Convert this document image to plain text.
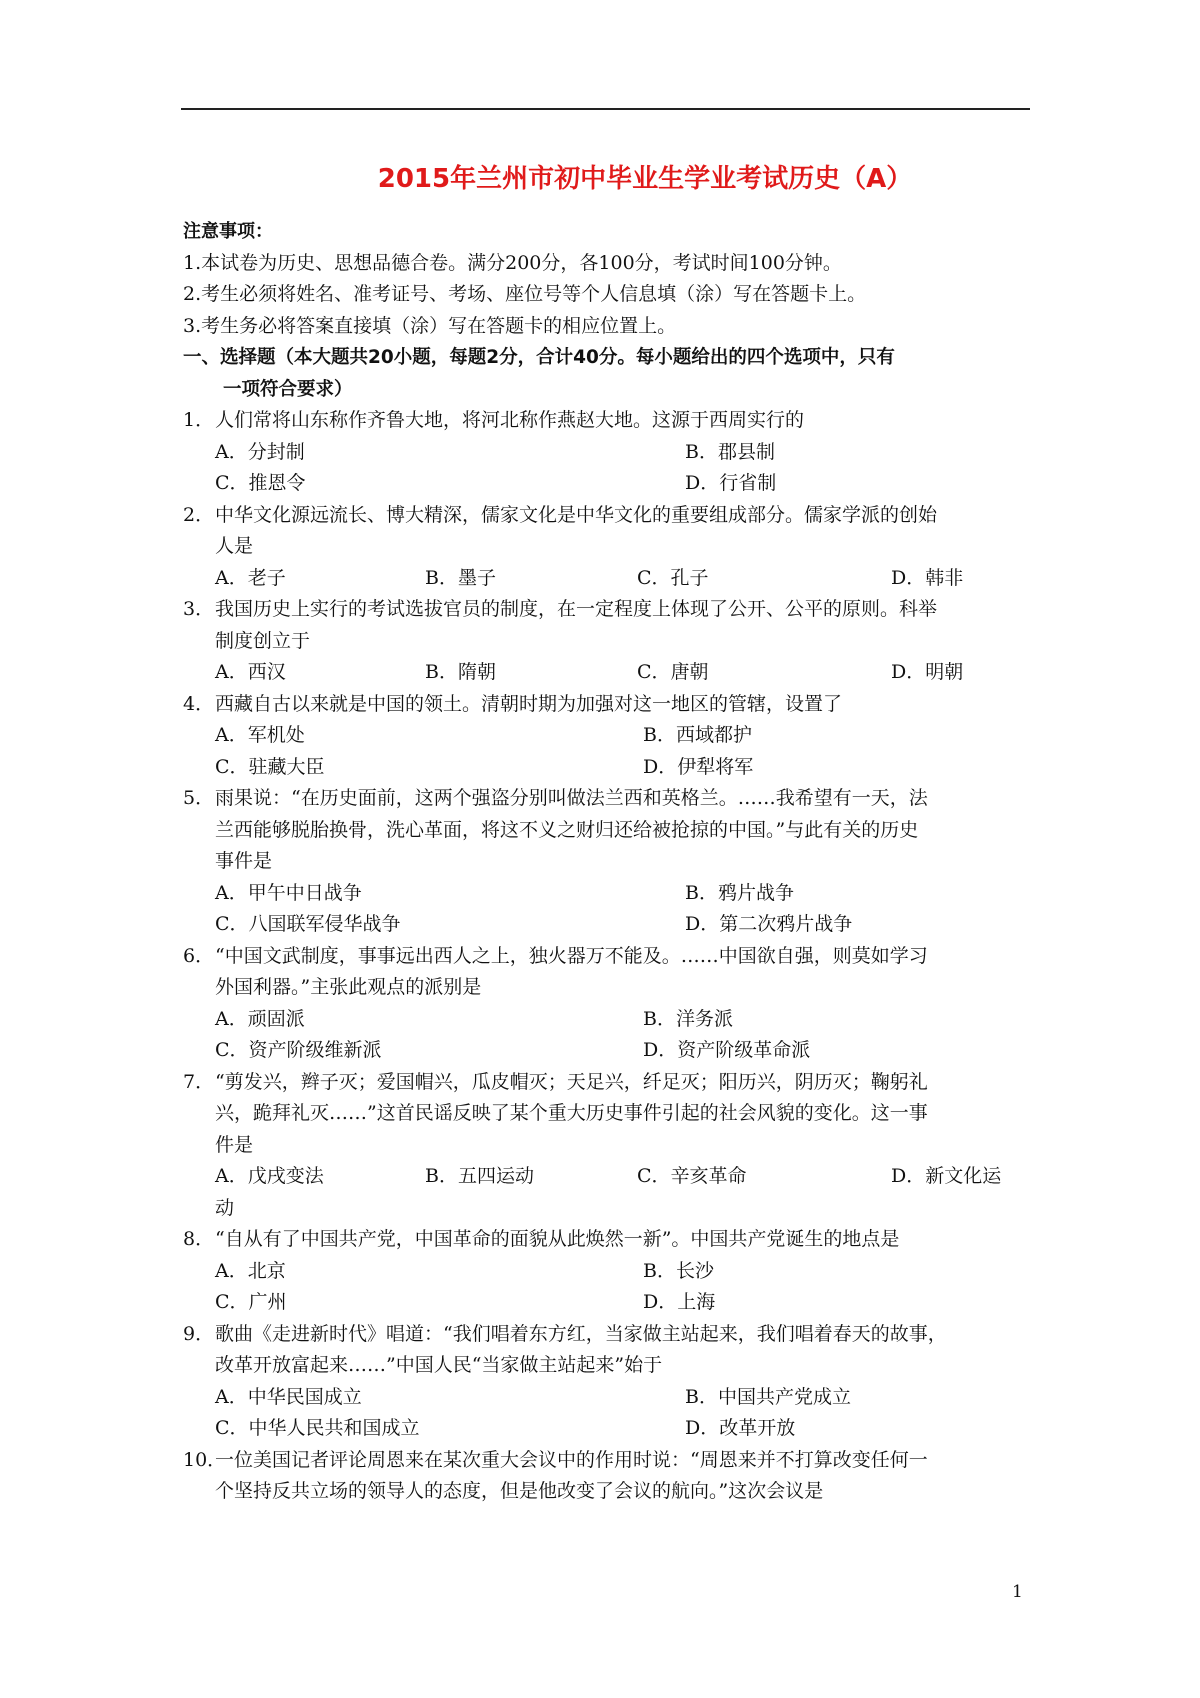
2015年兰州市初中毕业生学业考试历史（A）
注意事项：
1.本试卷为历史、思想品德合卷。满分200分，各100分，考试时间100分钟。
2.考生必须将姓名、准考证号、考场、座位号等个人信息填（涂）写在答题卡上。
3.考生务必将答案直接填（涂）写在答题卡的相应位置上。
一、选择题（本大题共20小题，每题2分，合计40分。每小题给出的四个选项中，只有
一项符合要求）
1． 人们常将山东称作齐鲁大地，将河北称作燕赵大地。这源于西周实行的
A．分封制	B．郡县制
C．推恩令	D．行省制
2． 中华文化源远流长、博大精深，儒家文化是中华文化的重要组成部分。儒家学派的创始
人是
A．老子	B．墨子	C．孔子	D．韩非
3． 我国历史上实行的考试选拔官员的制度，在一定程度上体现了公开、公平的原则。科举
制度创立于
A．西汉	B．隋朝	C．唐朝	D．明朝
4． 西藏自古以来就是中国的领土。清朝时期为加强对这一地区的管辖，设置了
A．军机处	B．西域都护
C．驻藏大臣	D．伊犁将军
5． 雨果说：“在历史面前，这两个强盗分别叫做法兰西和英格兰。……我希望有一天，法
兰西能够脱胎换骨，洗心革面，将这不义之财归还给被抢掠的中国。”与此有关的历史
事件是
A．甲午中日战争	B．鸦片战争
C．八国联军侵华战争	D．第二次鸦片战争
6． “中国文武制度，事事远出西人之上，独火器万不能及。……中国欲自强，则莫如学习
外国利器。”主张此观点的派别是
A．顽固派	B．洋务派
C．资产阶级维新派	D．资产阶级革命派
7． “剪发兴，辫子灭；爱国帽兴，瓜皮帽灭；天足兴，纤足灭；阳历兴，阴历灭；鞠躬礼
兴，跪拜礼灭……”这首民谣反映了某个重大历史事件引起的社会风貌的变化。这一事
件是
A．戊戌变法	B．五四运动	C．辛亥革命	D．新文化运
动
8． “自从有了中国共产党，中国革命的面貌从此焕然一新”。中国共产党诞生的地点是
A．北京	B．长沙
C．广州	D．上海
9． 歌曲《走进新时代》唱道：“我们唱着东方红，当家做主站起来，我们唱着春天的故事，
改革开放富起来……”中国人民“当家做主站起来”始于
A．中华民国成立	B．中国共产党成立
C．中华人民共和国成立	D．改革开放
10．
一位美国记者评论周恩来在某次重大会议中的作用时说：“周恩来并不打算改变任何一
个坚持反共立场的领导人的态度，但是他改变了会议的航向。”这次会议是
1
